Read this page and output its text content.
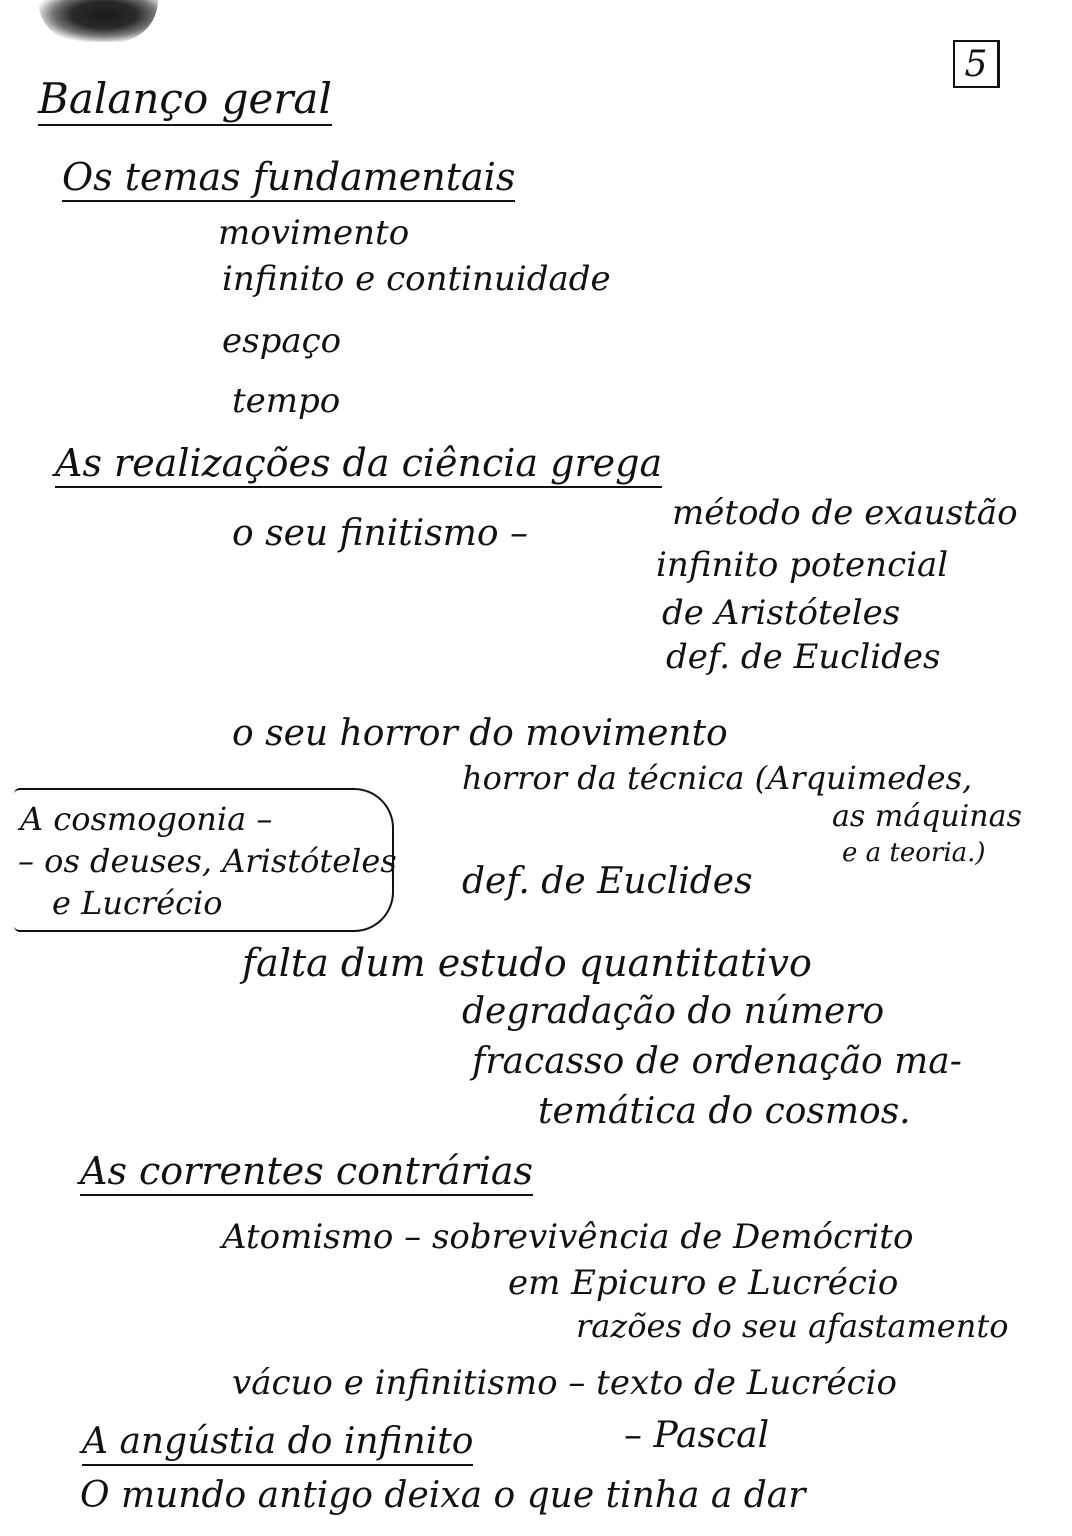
5
Balanço geral
Os temas fundamentais
movimento
infinito e continuidade
espaço
tempo
As realizações da ciência grega
o seu finitismo –	método de exaustão
infinito potencial
de Aristóteles
def. de Euclides
o seu horror do movimento
horror da técnica (Arquimedes,
as máquinas
e a teoria.)
def. de Euclides
falta dum estudo quantitativo
degradação do número
fracasso de ordenação ma-
temática do cosmos.
A cosmogonia –
– os deuses, Aristóteles
e Lucrécio
As correntes contrárias
Atomismo – sobrevivência de Demócrito
em Epicuro e Lucrécio
razões do seu afastamento
vácuo e infinitismo – texto de Lucrécio
A angústia do infinito	– Pascal
O mundo antigo deixa o que tinha a dar
